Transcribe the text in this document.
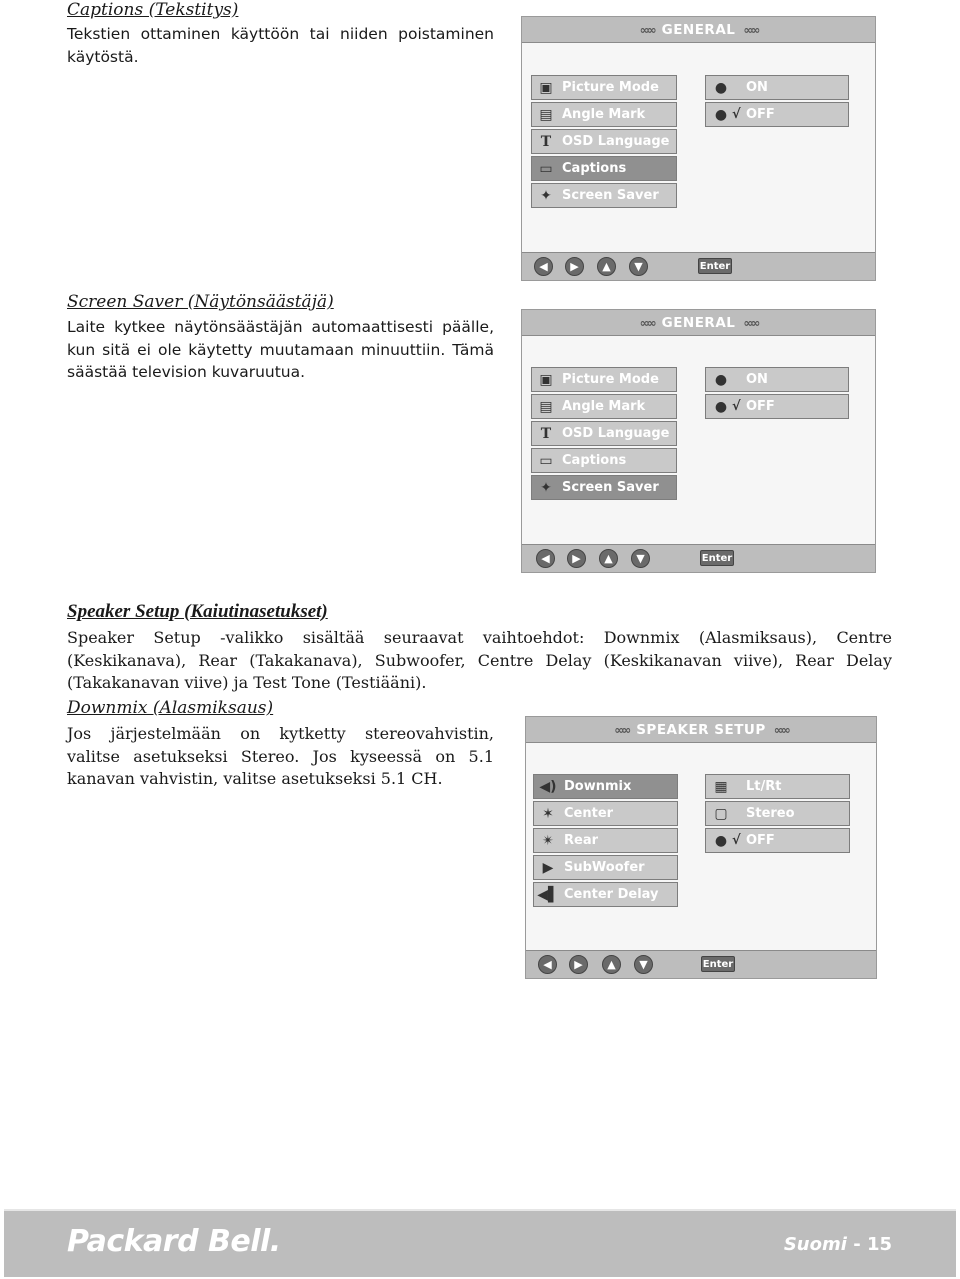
Captions (Tekstitys)
Tekstien ottaminen käyttöön tai niiden poistaminen käytöstä.
Screen Saver (Näytönsäästäjä)
Laite kytkee näytönsäästäjän automaattisesti päälle, kun sitä ei ole käytetty muutamaan minuuttiin. Tämä säästää television kuvaruutua.
Speaker Setup (Kaiutinasetukset)
Speaker Setup -valikko sisältää seuraavat vaihtoehdot: Downmix (Alasmiksaus), Centre (Keskikanava), Rear (Takakanava), Subwoofer, Centre Delay (Keskikanavan viive), Rear Delay (Takakanavan viive) ja Test Tone (Testiääni).
Downmix (Alasmiksaus)
Jos järjestelmään on kytketty stereovahvistin, valitse asetukseksi Stereo. Jos kyseessä on 5.1 kanavan vahvistin, valitse asetukseksi 5.1 CH.
∞∞ GENERAL ∞∞
▣ Picture Mode
▤ Angle Mark
T OSD Language
▭ Captions
✦ Screen Saver
●	ON
● √ OFF
◀	▶	▲	▼	Enter
∞∞ GENERAL ∞∞
▣ Picture Mode
▤ Angle Mark
T OSD Language
▭ Captions
✦ Screen Saver
●	ON
● √ OFF
◀	▶	▲	▼	Enter
∞∞ SPEAKER SETUP ∞∞
◀) Downmix
✶ Center
✴ Rear
▶ SubWoofer
◀▌ Center Delay
▦	Lt/Rt
▢	Stereo
● √ OFF
◀	▶	▲	▼	Enter
Packard Bell.	Suomi - 15
